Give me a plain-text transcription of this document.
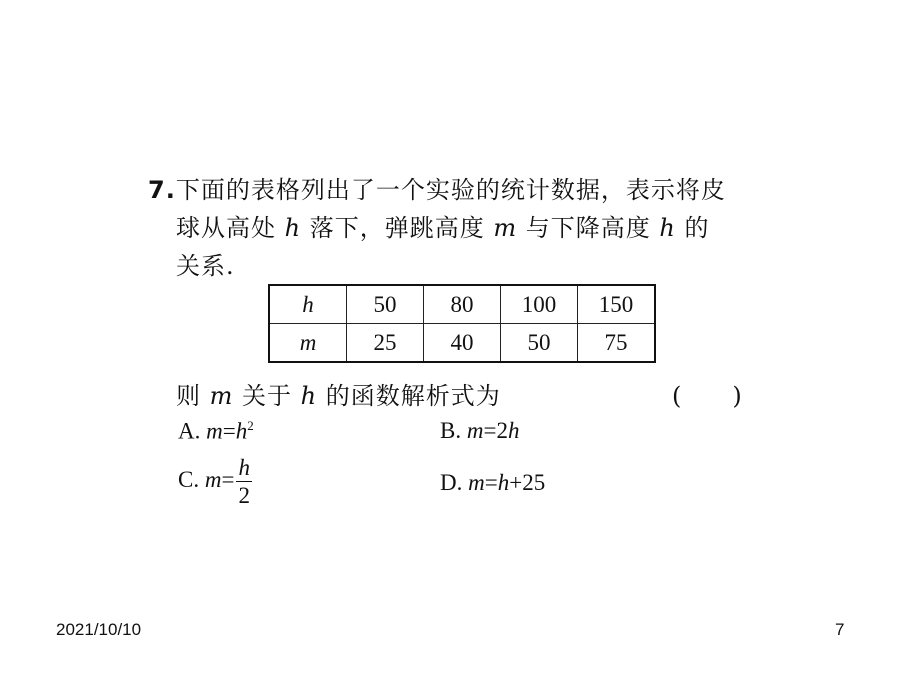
7.下面的表格列出了一个实验的统计数据，表示将皮
球从高处 h 落下，弹跳高度 m 与下降高度 h 的
关系.
h	50	80	100	150
m	25	40	50	75
则 m 关于 h 的函数解析式为	(　　)
A. $m=h^2$	B. m=2h
C. $m= \frac{h}{2}$	D. m=h+25
2021/10/10	7
